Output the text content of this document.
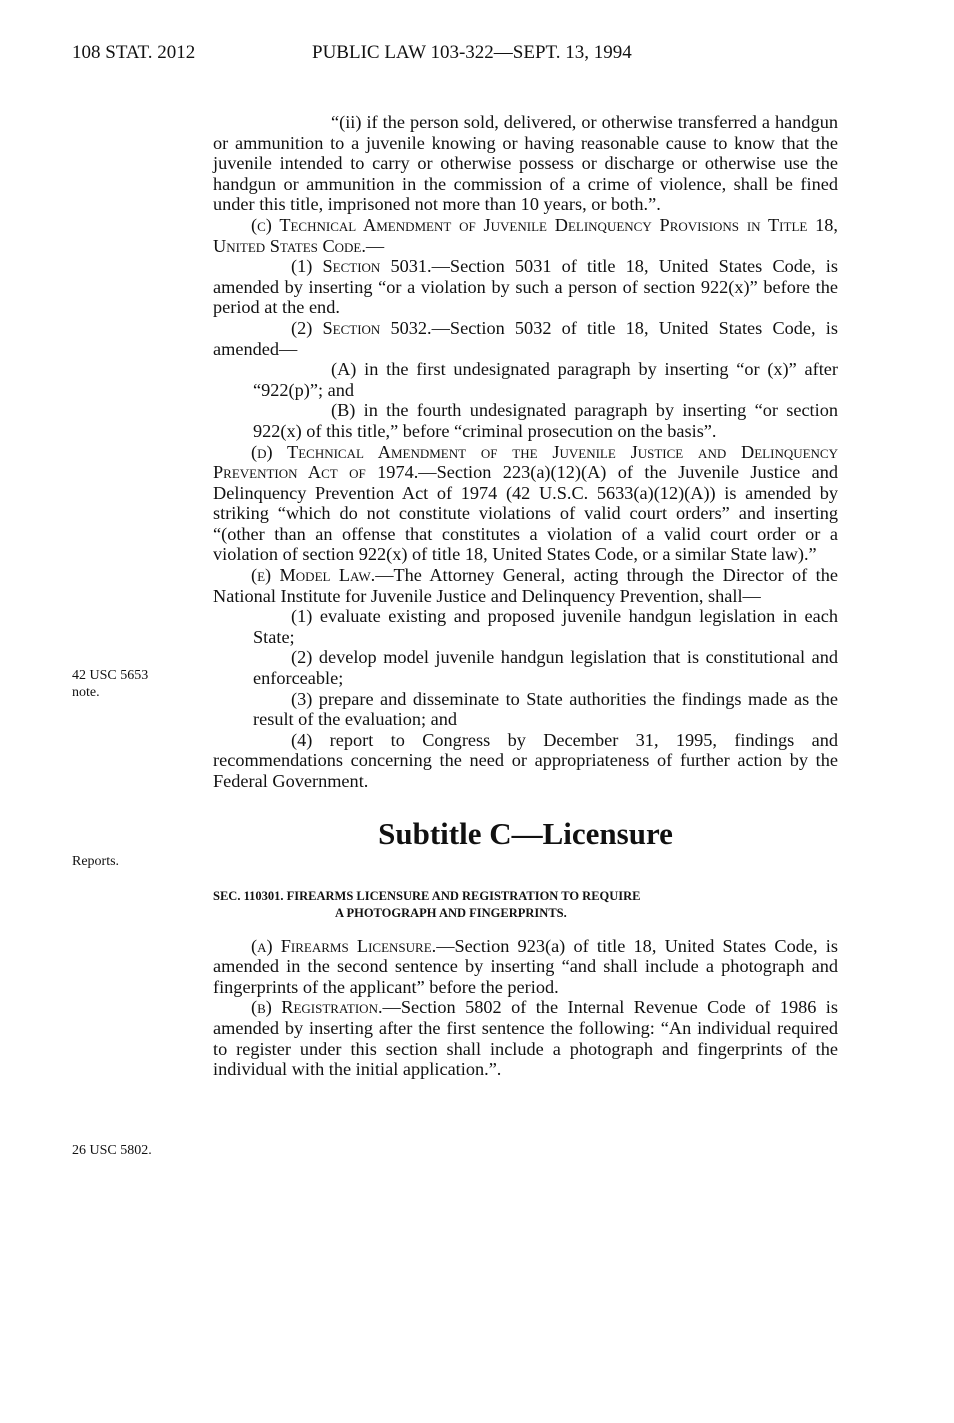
108 STAT. 2012	PUBLIC LAW 103-322—SEPT. 13, 1994
42 USC 5653
note.
Reports.
26 USC 5802.

“(ii) if the person sold, delivered, or otherwise transferred a handgun or ammunition to a juvenile knowing or having reasonable cause to know that the juvenile intended to carry or otherwise possess or discharge or otherwise use the handgun or ammunition in the commission of a crime of violence, shall be fined under this title, imprisoned not more than 10 years, or both.”.

(c) Technical Amendment of Juvenile Delinquency Provisions in Title 18, United States Code.—

(1) Section 5031.—Section 5031 of title 18, United States Code, is amended by inserting “or a violation by such a person of section 922(x)” before the period at the end.

(2) Section 5032.—Section 5032 of title 18, United States Code, is amended—

(A) in the first undesignated paragraph by inserting “or (x)” after “922(p)”; and

(B) in the fourth undesignated paragraph by inserting “or section 922(x) of this title,” before “criminal prosecution on the basis”.

(d) Technical Amendment of the Juvenile Justice and Delinquency Prevention Act of 1974.—Section 223(a)(12)(A) of the Juvenile Justice and Delinquency Prevention Act of 1974 (42 U.S.C. 5633(a)(12)(A)) is amended by striking “which do not constitute violations of valid court orders” and inserting “(other than an offense that constitutes a violation of a valid court order or a violation of section 922(x) of title 18, United States Code, or a similar State law).”

(e) Model Law.—The Attorney General, acting through the Director of the National Institute for Juvenile Justice and Delinquency Prevention, shall—

(1) evaluate existing and proposed juvenile handgun legislation in each State;

(2) develop model juvenile handgun legislation that is constitutional and enforceable;

(3) prepare and disseminate to State authorities the findings made as the result of the evaluation; and

(4) report to Congress by December 31, 1995, findings and recommendations concerning the need or appropriateness of further action by the Federal Government.

Subtitle C—Licensure
SEC. 110301. FIREARMS LICENSURE AND REGISTRATION TO REQUIRE
A PHOTOGRAPH AND FINGERPRINTS.

(a) Firearms Licensure.—Section 923(a) of title 18, United States Code, is amended in the second sentence by inserting “and shall include a photograph and fingerprints of the applicant” before the period.

(b) Registration.—Section 5802 of the Internal Revenue Code of 1986 is amended by inserting after the first sentence the following: “An individual required to register under this section shall include a photograph and fingerprints of the individual with the initial application.”.
